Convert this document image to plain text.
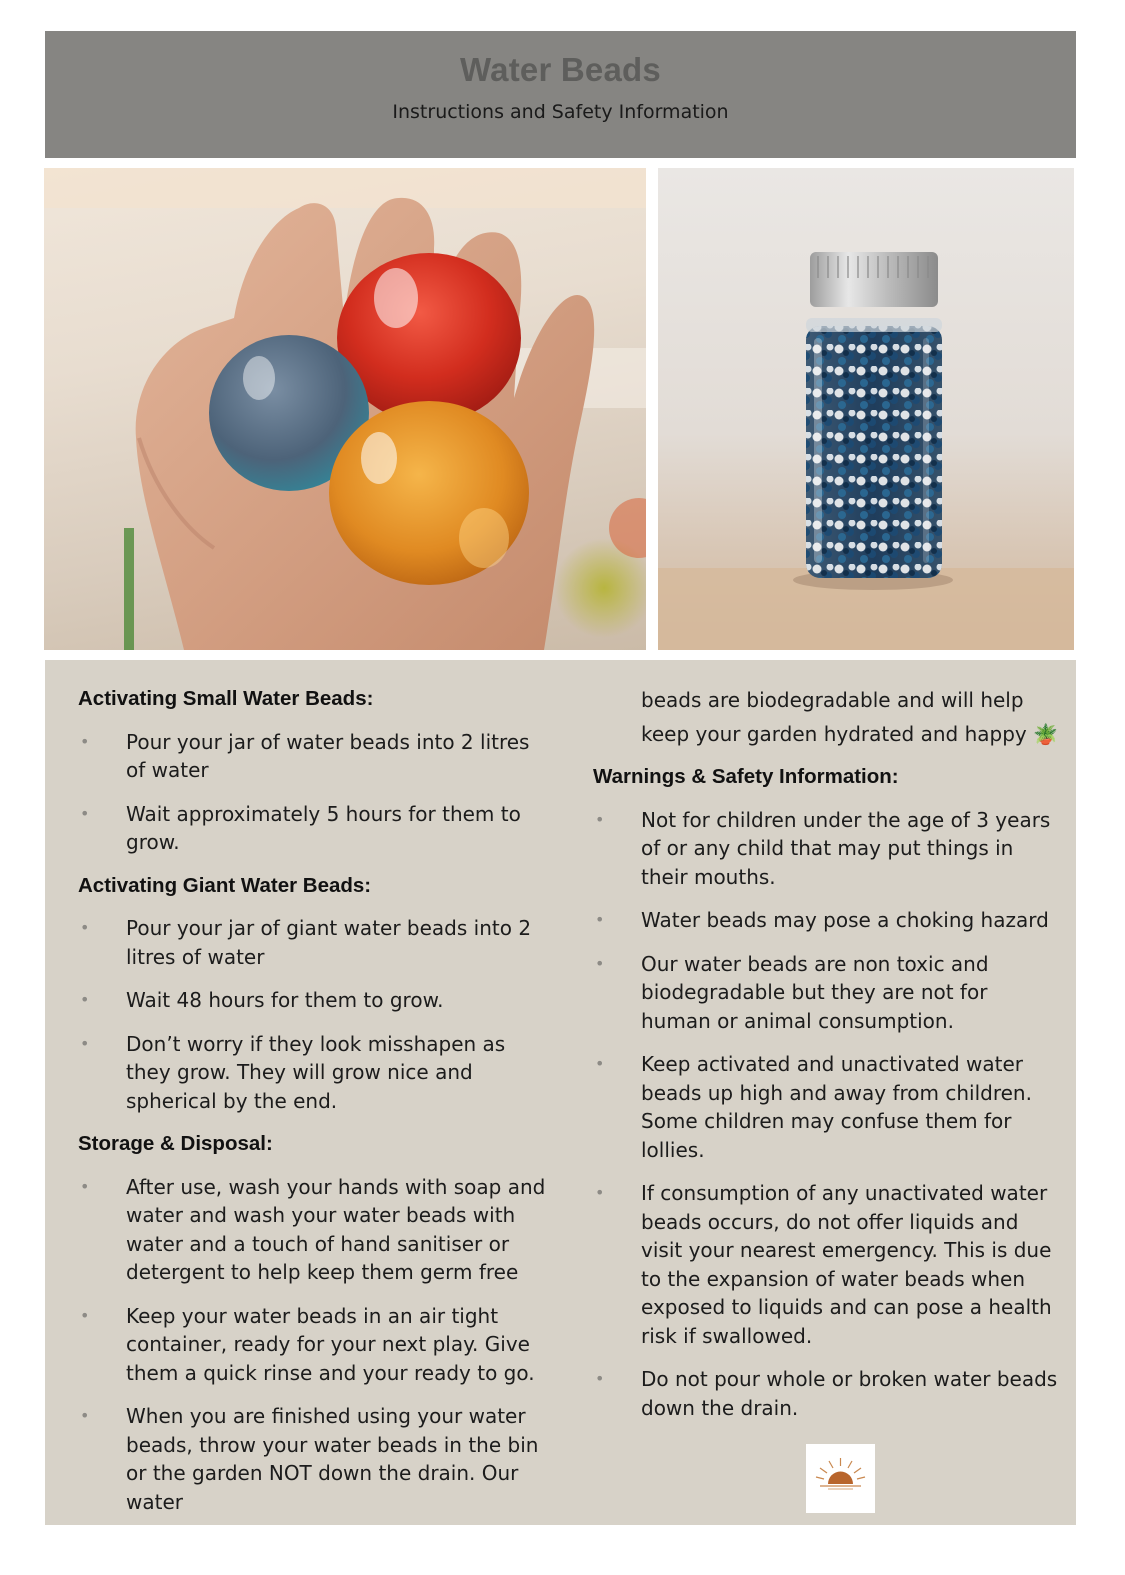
Water Beads
Instructions and Safety Information
Activating Small Water Beads:
• Pour your jar of water beads into 2 litres of water
• Wait approximately 5 hours for them to grow.
Activating Giant Water Beads:
• Pour your jar of giant water beads into 2 litres of water
• Wait 48 hours for them to grow.
• Don’t worry if they look misshapen as they grow. They will grow nice and spherical by the end.
Storage & Disposal:
• After use, wash your hands with soap and water and wash your water beads with water and a touch of hand sanitiser or detergent to help keep them germ free
• Keep your water beads in an air tight container, ready for your next play. Give them a quick rinse and your ready to go.
• When you are finished using your water beads, throw your water beads in the bin or the garden NOT down the drain. Our water

beads are biodegradable and will help keep your garden hydrated and happy 🪴

Warnings & Safety Information:
• Not for children under the age of 3 years of or any child that may put things in their mouths.
• Water beads may pose a choking hazard
• Our water beads are non toxic and biodegradable but they are not for human or animal consumption.
• Keep activated and unactivated water beads up high and away from children. Some children may confuse them for lollies.
• If consumption of any unactivated water beads occurs, do not offer liquids and visit your nearest emergency. This is due to the expansion of water beads when exposed to liquids and can pose a health risk if swallowed.
• Do not pour whole or broken water beads down the drain.
